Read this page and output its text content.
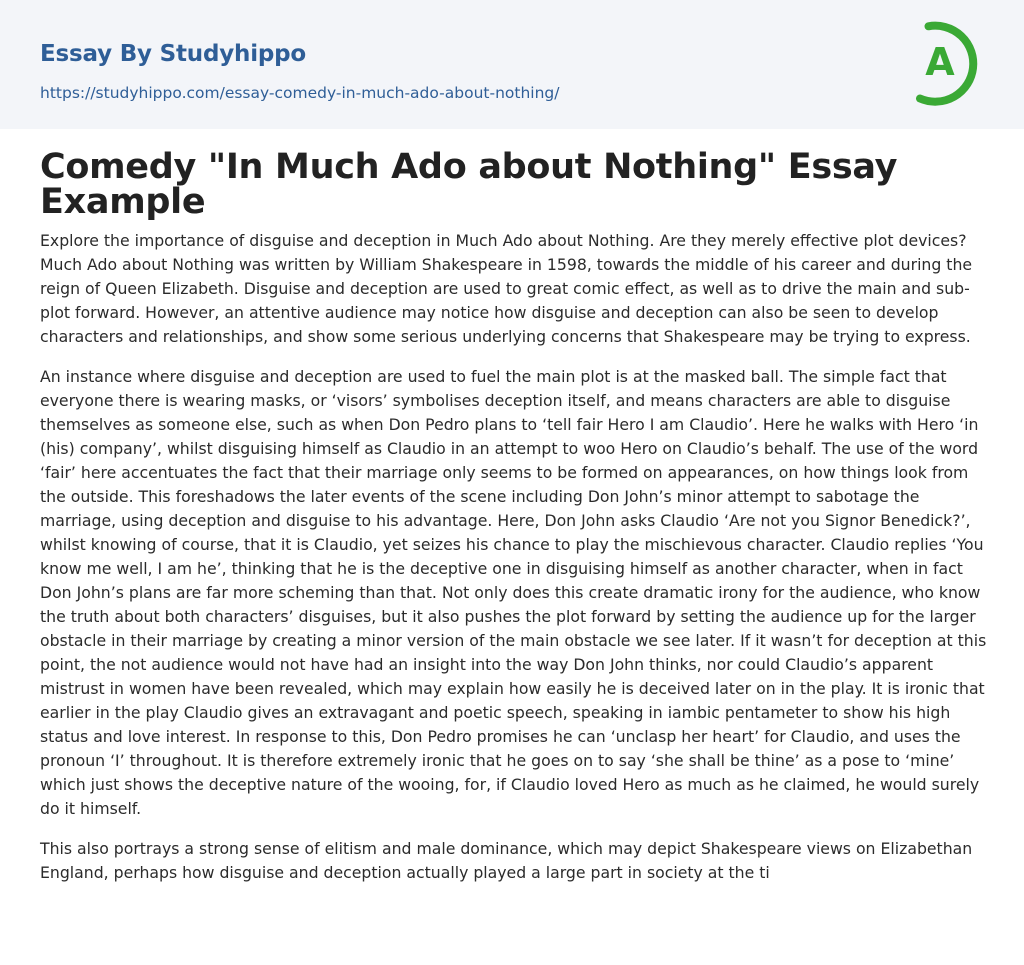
Essay By Studyhippo
https://studyhippo.com/essay-comedy-in-much-ado-about-nothing/
A
Comedy "In Much Ado about Nothing" Essay Example

Explore the importance of disguise and deception in Much Ado about Nothing. Are they merely effective plot devices? Much Ado about Nothing was written by William Shakespeare in 1598, towards the middle of his career and during the reign of Queen Elizabeth. Disguise and deception are used to great comic effect, as well as to drive the main and sub-plot forward. However, an attentive audience may notice how disguise and deception can also be seen to develop characters and relationships, and show some serious underlying concerns that Shakespeare may be trying to express.

An instance where disguise and deception are used to fuel the main plot is at the masked ball. The simple fact that everyone there is wearing masks, or ‘visors’ symbolises deception itself, and means characters are able to disguise themselves as someone else, such as when Don Pedro plans to ‘tell fair Hero I am Claudio’. Here he walks with Hero ‘in (his) company’, whilst disguising himself as Claudio in an attempt to woo Hero on Claudio’s behalf. The use of the word ‘fair’ here accentuates the fact that their marriage only seems to be formed on appearances, on how things look from the outside. This foreshadows the later events of the scene including Don John’s minor attempt to sabotage the marriage, using deception and disguise to his advantage. Here, Don John asks Claudio ‘Are not you Signor Benedick?’, whilst knowing of course, that it is Claudio, yet seizes his chance to play the mischievous character. Claudio replies ‘You know me well, I am he’, thinking that he is the deceptive one in disguising himself as another character, when in fact Don John’s plans are far more scheming than that. Not only does this create dramatic irony for the audience, who know the truth about both characters’ disguises, but it also pushes the plot forward by setting the audience up for the larger obstacle in their marriage by creating a minor version of the main obstacle we see later. If it wasn’t for deception at this point, the not audience would not have had an insight into the way Don John thinks, nor could Claudio’s apparent mistrust in women have been revealed, which may explain how easily he is deceived later on in the play. It is ironic that earlier in the play Claudio gives an extravagant and poetic speech, speaking in iambic pentameter to show his high status and love interest. In response to this, Don Pedro promises he can ‘unclasp her heart’ for Claudio, and uses the pronoun ‘I’ throughout. It is therefore extremely ironic that he goes on to say ‘she shall be thine’ as a pose to ‘mine’ which just shows the deceptive nature of the wooing, for, if Claudio loved Hero as much as he claimed, he would surely do it himself.

This also portrays a strong sense of elitism and male dominance, which may depict Shakespeare views on Elizabethan England, perhaps how disguise and deception actually played a large part in society at the ti
